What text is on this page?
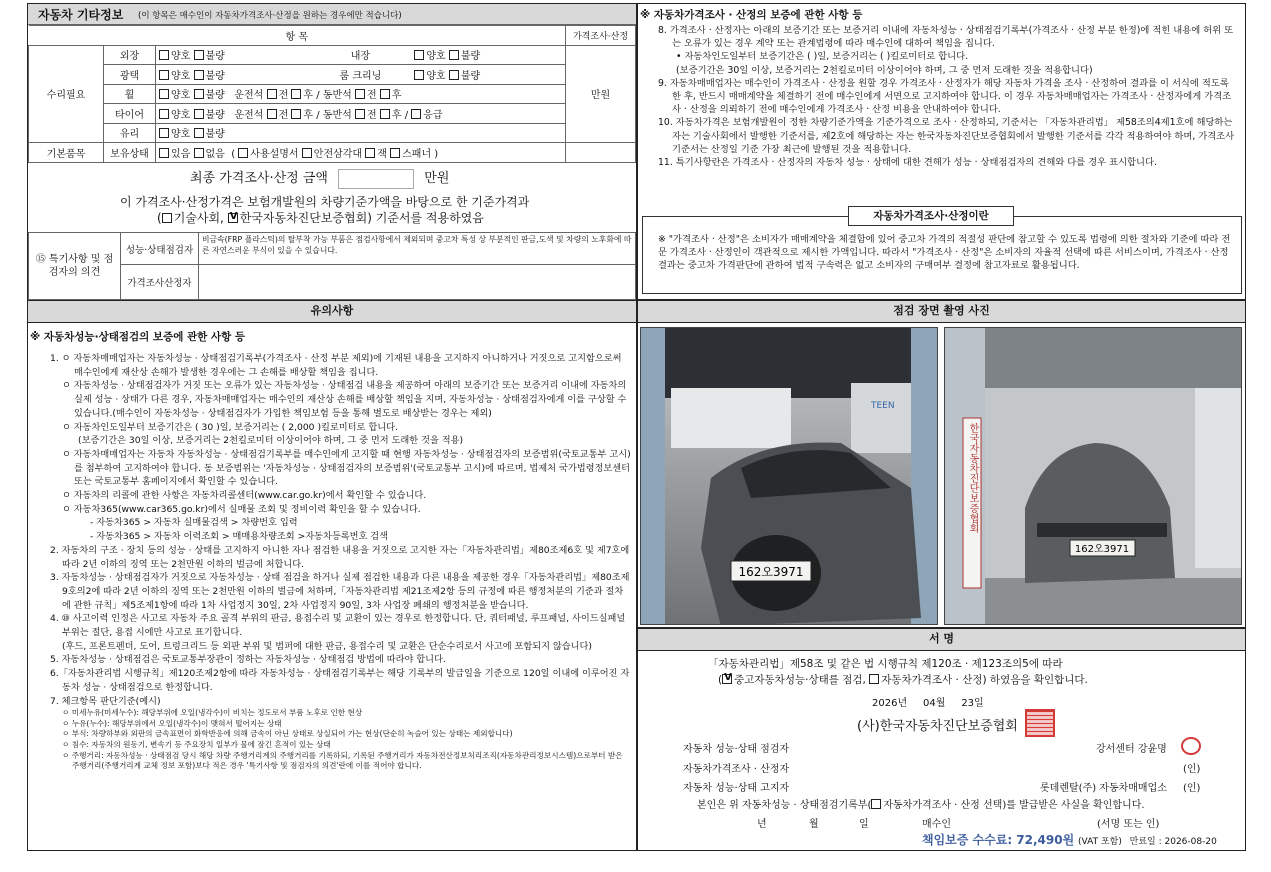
자동차 기타정보 (이 항목은 매수인이 자동차가격조사·산정을 원하는 경우에만 적습니다)
항 목					가격조사·산정
수리필요	외장	양호 불량	내장	양호 불량	만원
	광택	양호 불량	룸 크리닝	양호 불량	
	휠	양호 불량 운전석 전 후 / 동반석 전 후			
	타이어	양호 불량 운전석 전 후 / 동반석 전 후 / 응급			
	유리	양호 불량			
기본품목	보유상태	있음 없음  ( 사용설명서 안전삼각대 잭 스패너 )			
최종 가격조사·산정 금액	만원
이 가격조사·산정가격은 보험개발원의 차량기준가액을 바탕으로 한 기준가격과
( 기술사회, V 한국자동차진단보증협회) 기준서를 적용하였음
⑮ 특기사항 및 점검자의 의견	성능·상태점검자	비금속(FRP 플라스틱)의 탈부착 가능 부품은 점검사항에서 제외되며 중고차 특성 상 부분적인 판금,도색 및 차량의 노후화에 따른 자연스러운 부식이 있을 수 있습니다.
	가격조사산정자	
※ 자동차가격조사 · 산정의 보증에 관한 사항 등
8. 가격조사 · 산정자는 아래의 보증기간 또는 보증거리 이내에 자동차성능 · 상태점검기록부(가격조사 · 산정 부분 한정)에 적힌 내용에 허위 또는 오류가 있는 경우 계약 또는 관계법령에 따라 매수인에 대하여 책임을 집니다.
• 자동차인도일부터 보증기간은 ( )일, 보증거리는 ( )킬로미터로 합니다.
(보증기간은 30일 이상, 보증거리는 2천킬로미터 이상이어야 하며, 그 중 먼저 도래한 것을 적용합니다)
9. 자동차매매업자는 매수인이 가격조사 · 산정을 원할 경우 가격조사 · 산정자가 해당 자동차 가격을 조사 · 산정하여 결과를 이 서식에 적도록 한 후, 반드시 매매계약을 체결하기 전에 매수인에게 서면으로 고지하여야 합니다. 이 경우 자동차매매업자는 가격조사 · 산정자에게 가격조사 · 산정을 의뢰하기 전에 매수인에게 가격조사 · 산정 비용을 안내하여야 합니다.
10. 자동차가격은 보험개발원이 정한 차량기준가액을 기준가격으로 조사 · 산정하되, 기준서는 「자동차관리법」 제58조의4제1호에 해당하는 자는 기술사회에서 발행한 기준서를, 제2호에 해당하는 자는 한국자동차진단보증협회에서 발행한 기준서를 각각 적용하여야 하며, 가격조사 기준서는 산정일 기준 가장 최근에 발행된 것을 적용합니다.
11. 특기사항란은 가격조사 · 산정자의 자동차 성능 · 상태에 대한 견해가 성능 · 상태점검자의 견해와 다를 경우 표시합니다.
자동차가격조사·산정이란
※ "가격조사 · 산정"은 소비자가 매매계약을 체결함에 있어 중고차 가격의 적절성 판단에 참고할 수 있도록 법령에 의한 절차와 기준에 따라 전문 가격조사 · 산정인이 객관적으로 제시한 가액입니다. 따라서 "가격조사 · 산정"은 소비자의 자율적 선택에 따른 서비스이며, 가격조사 · 산정 결과는 중고차 가격판단에 관하여 법적 구속력은 없고 소비자의 구매여부 결정에 참고자료로 활용됩니다.
유의사항
※ 자동차성능·상태점검의 보증에 관한 사항 등
1. ㅇ 자동차매매업자는 자동차성능 · 상태점검기록부(가격조사 · 산정 부분 제외)에 기재된 내용을 고지하지 아니하거나 거짓으로 고지함으로써 매수인에게 재산상 손해가 발생한 경우에는 그 손해를 배상할 책임을 집니다.
ㅇ 자동차성능 · 상태점검자가 거짓 또는 오류가 있는 자동차성능 · 상태점검 내용을 제공하여 아래의 보증기간 또는 보증거리 이내에 자동차의 실제 성능 · 상태가 다른 경우, 자동차매매업자는 매수인의 재산상 손해를 배상할 책임을 지며, 자동차성능 · 상태점검자에게 이를 구상할 수 있습니다.(매수인이 자동차성능 · 상태점검자가 가입한 책임보험 등을 통해 별도로 배상받는 경우는 제외)
ㅇ 자동차인도일부터 보증기간은 ( 30 )일, 보증거리는 ( 2,000 )킬로미터로 합니다.
(보증기간은 30일 이상, 보증거리는 2천킬로미터 이상이어야 하며, 그 중 먼저 도래한 것을 적용)
ㅇ 자동차매매업자는 자동차 자동차성능 · 상태점검기록부를 매수인에게 고지할 때 현행 자동차성능 · 상태점검자의 보증범위(국토교통부 고시)를 첨부하여 고지하여야 합니다. 동 보증범위는 '자동차성능 · 상태점검자의 보증범위'(국토교통부 고시)에 따르며, 법제처 국가법령정보센터 또는 국토교통부 홈페이지에서 확인할 수 있습니다.
ㅇ 자동차의 리콜에 관한 사항은 자동차리콜센터(www.car.go.kr)에서 확인할 수 있습니다.
ㅇ 자동차365(www.car365.go.kr)에서 실매물 조회 및 정비이력 확인을 할 수 있습니다.
- 자동차365 > 자동차 실매물검색 > 차량번호 입력
- 자동차365 > 자동차 이력조회 > 매매용차량조회 >자동차등록번호 검색
2. 자동차의 구조 · 장치 등의 성능 · 상태를 고지하지 아니한 자나 점검한 내용을 거짓으로 고지한 자는「자동차관리법」제80조제6호 및 제7호에 따라 2년 이하의 징역 또는 2천만원 이하의 벌금에 처합니다.
3. 자동차성능 · 상태점검자가 거짓으로 자동차성능 · 상태 점검을 하거나 실제 점검한 내용과 다른 내용을 제공한 경우「자동차관리법」제80조제9호의2에 따라 2년 이하의 징역 또는 2천만원 이하의 벌금에 처하며,「자동차관리법 제21조제2항 등의 규정에 따른 행정처분의 기준과 절차에 관한 규칙」제5조제1항에 따라 1차 사업정지 30일, 2차 사업정지 90일, 3차 사업장 폐쇄의 행정처분을 받습니다.
4. ⑩ 사고이력 인정은 사고로 자동차 주요 골격 부위의 판금, 용접수리 및 교환이 있는 경우로 한정합니다. 단, 쿼터패널, 루프패널, 사이드실패널 부위는 절단, 용접 시에만 사고로 표기합니다.
(후드, 프론트펜더, 도어, 트렁크리드 등 외판 부위 및 범퍼에 대한 판금, 용접수리 및 교환은 단순수리로서 사고에 포함되지 않습니다)
5. 자동차성능 · 상태점검은 국토교통부장관이 정하는 자동차성능 · 상태점검 방법에 따라야 합니다.
6.「자동차관리법 시행규칙」제120조제2항에 따라 자동차성능 · 상태점검기록부는 해당 기록부의 발급일을 기준으로 120일 이내에 이루어진 자동차 성능 · 상태점검으로 한정합니다.
7. 체크항목 판단기준(예시)
ㅇ 미세누유(미세누수): 해당부위에 오일(냉각수)이 비치는 정도로서 부품 노후로 인한 현상
ㅇ 누유(누수): 해당부위에서 오일(냉각수)이 맺혀서 떨어지는 상태
ㅇ 부식: 차량하부와 외판의 금속표면이 화학반응에 의해 금속이 아닌 상태로 상실되어 가는 현상(단순히 녹슬어 있는 상태는 제외합니다)
ㅇ 침수: 자동차의 원동기, 변속기 등 주요장치 일부가 물에 잠긴 흔적이 있는 상태
ㅇ 주행거리: 자동차성능 · 상태점검 당시 해당 차량 주행거리계의 주행거리를 기록하되, 기록된 주행거리가 자동차전산정보처리조직(자동차관리정보시스템)으로부터 받은 주행거리(주행거리계 교체 정보 포함)보다 적은 경우 '특기사항 및 점검자의 의견'란에 이를 적어야 합니다.
점검 장면 촬영 사진
162오3971
TEEN
162오3971
한국자동차진단보증협회
서 명
「자동차관리법」제58조 및 같은 법 시행규칙 제120조 · 제123조의5에 따라
( V 중고자동차성능·상태를 점검, 자동차가격조사 · 산정) 하였음을 확인합니다.
2026년 04월 23일
(사)한국자동차진단보증협회
자동차 성능·상태 점검자	강서센터 강윤명
자동차가격조사 · 산정자	(인)
자동차 성능·상태 고지자	롯데렌탈(주) 자동차매매업소 (인)
본인은 위 자동차성능 · 상태점검기록부( 자동차가격조사 · 산정 선택)를 발급받은 사실을 확인합니다.
년	월	일	매수인	(서명 또는 인)
책임보증 수수료: 72,490원 (VAT 포함) 만료일 : 2026-08-20
